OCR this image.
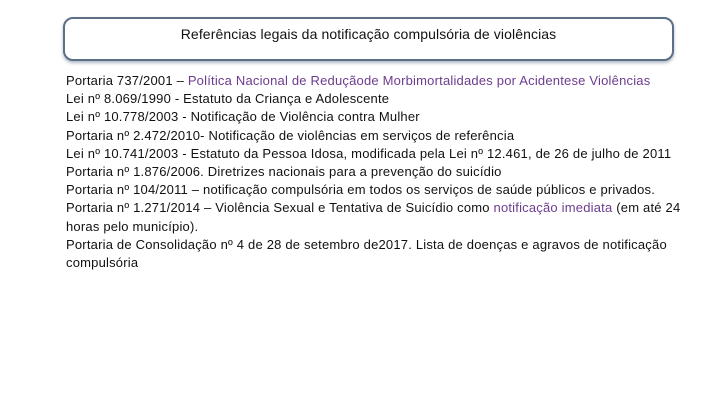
Referências legais da notificação compulsória de violências

Portaria 737/2001 – Política Nacional de Reduçãode Morbimortalidades por Acidentese Violências

Lei nº 8.069/1990 - Estatuto da Criança e Adolescente

Lei nº 10.778/2003 - Notificação de Violência contra Mulher

Portaria nº 2.472/2010- Notificação de violências em serviços de referência

Lei nº 10.741/2003 - Estatuto da Pessoa Idosa, modificada pela Lei nº 12.461, de 26 de julho de 2011

Portaria nº 1.876/2006. Diretrizes nacionais para a prevenção do suicídio

Portaria nº 104/2011 – notificação compulsória em todos os serviços de saúde públicos e privados.

Portaria nº 1.271/2014 – Violência Sexual e Tentativa de Suicídio como notificação imediata (em até 24 horas pelo município).

Portaria de Consolidação nº 4 de 28 de setembro de2017. Lista de doenças e agravos de notificação compulsória
